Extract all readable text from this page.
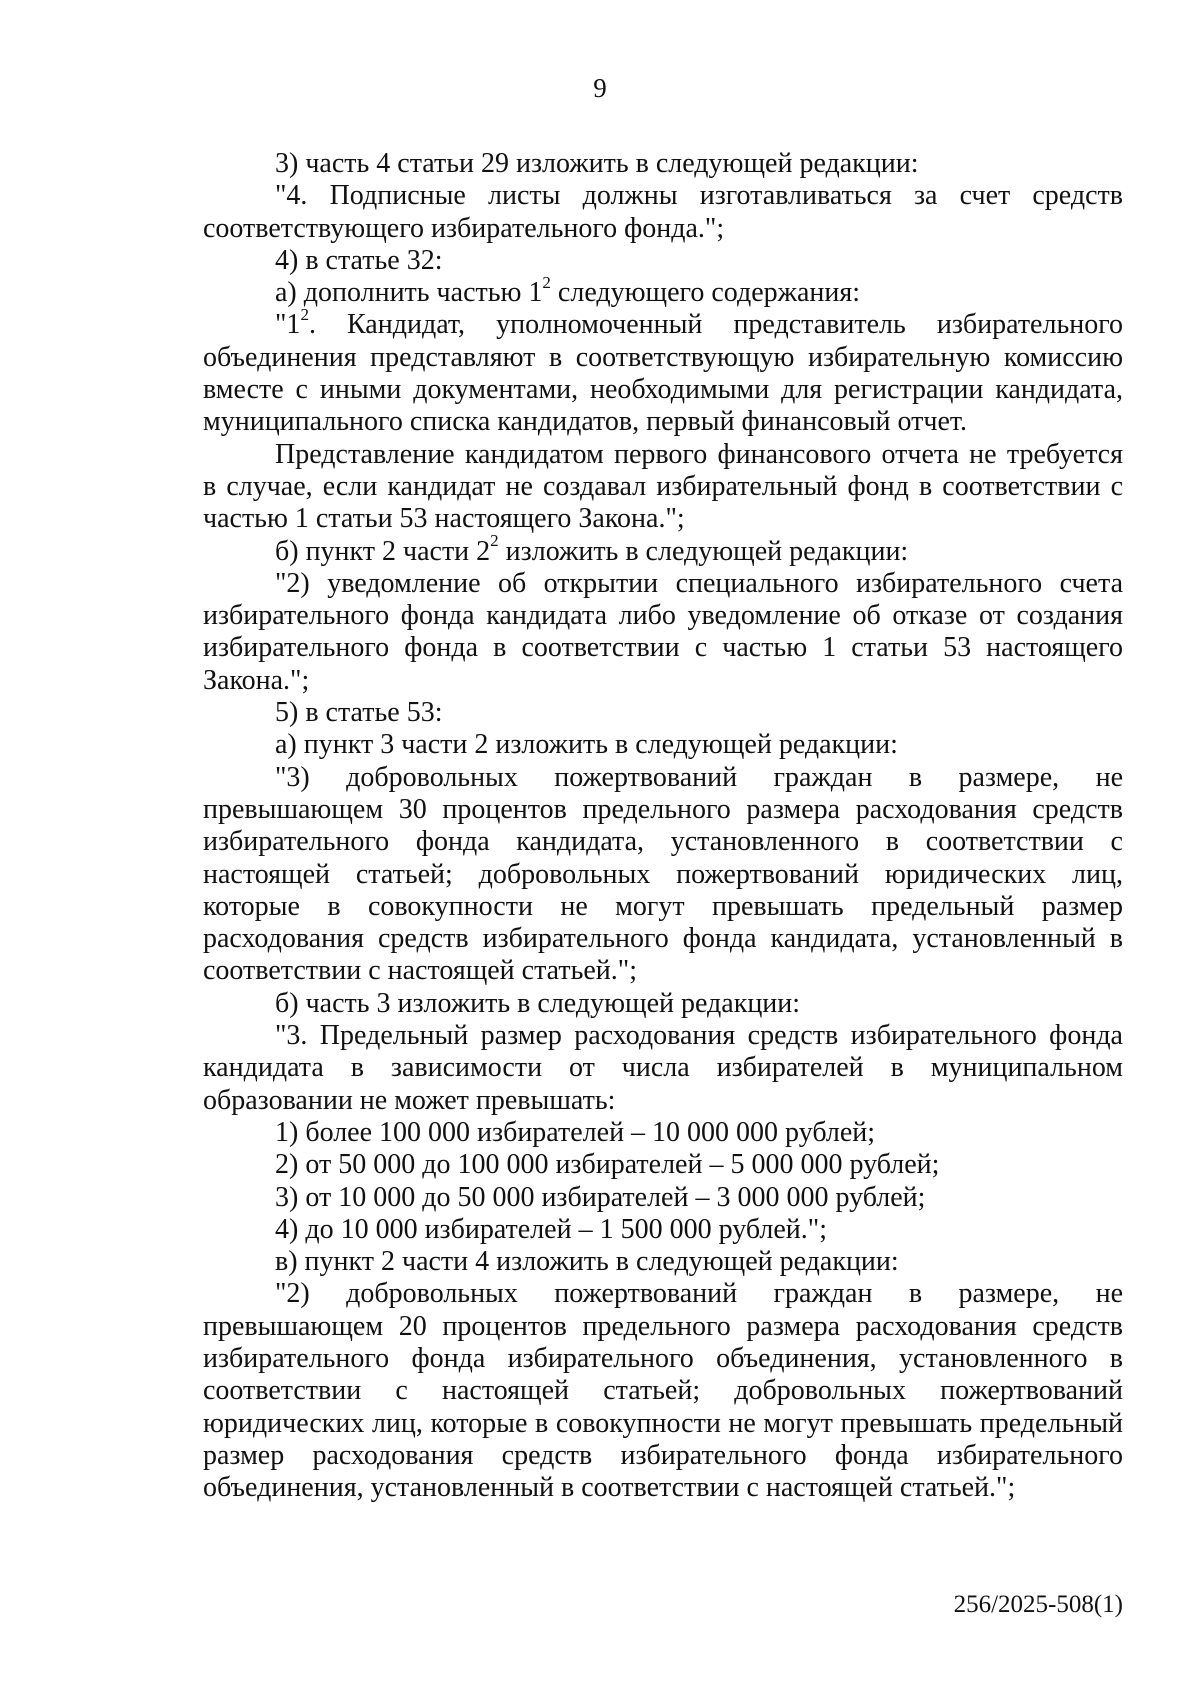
9

3) часть 4 статьи 29 изложить в следующей редакции:

"4. Подписные листы должны изготавливаться за счет средств соответствующего избирательного фонда.";

4) в статье 32:

а) дополнить частью $1^2$ следующего содержания:

"$1^2$. Кандидат, уполномоченный представитель избирательного объединения представляют в соответствующую избирательную комиссию вместе с иными документами, необходимыми для регистрации кандидата, муниципального списка кандидатов, первый финансовый отчет.

Представление кандидатом первого финансового отчета не требуется в случае, если кандидат не создавал избирательный фонд в соответствии с частью 1 статьи 53 настоящего Закона.";

б) пункт 2 части $2^2$ изложить в следующей редакции:

"2) уведомление об открытии специального избирательного счета избирательного фонда кандидата либо уведомление об отказе от создания избирательного фонда в соответствии с частью 1 статьи 53 настоящего Закона.";

5) в статье 53:

а) пункт 3 части 2 изложить в следующей редакции:

"3) добровольных пожертвований граждан в размере, не превышающем 30 процентов предельного размера расходования средств избирательного фонда кандидата, установленного в соответствии с настоящей статьей; добровольных пожертвований юридических лиц, которые в совокупности не могут превышать предельный размер расходования средств избирательного фонда кандидата, установленный в соответствии с настоящей статьей.";

б) часть 3 изложить в следующей редакции:

"3. Предельный размер расходования средств избирательного фонда кандидата в зависимости от числа избирателей в муниципальном образовании не может превышать:

1) более 100 000 избирателей – 10 000 000 рублей;

2) от 50 000 до 100 000 избирателей – 5 000 000 рублей;

3) от 10 000 до 50 000 избирателей – 3 000 000 рублей;

4) до 10 000 избирателей – 1 500 000 рублей.";

в) пункт 2 части 4 изложить в следующей редакции:

"2) добровольных пожертвований граждан в размере, не превышающем 20 процентов предельного размера расходования средств избирательного фонда избирательного объединения, установленного в соответствии с настоящей статьей; добровольных пожертвований юридических лиц, которые в совокупности не могут превышать предельный размер расходования средств избирательного фонда избирательного объединения, установленный в соответствии с настоящей статьей.";

256/2025-508(1)
